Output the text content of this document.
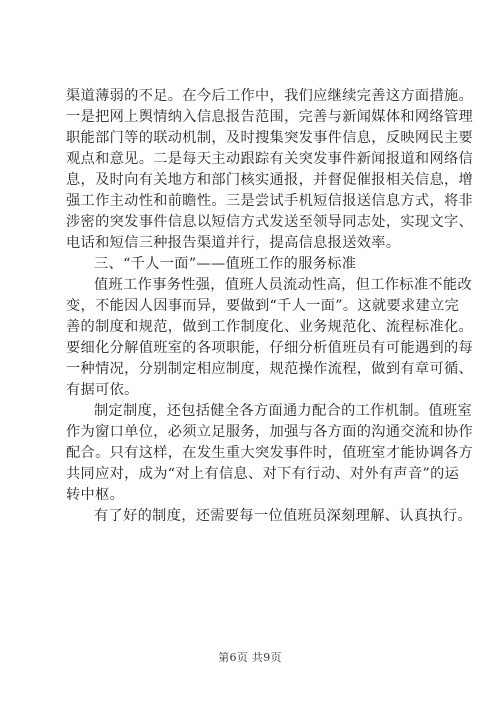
渠道薄弱的不足。在今后工作中，我们应继续完善这方面措施。
一是把网上舆情纳入信息报告范围，完善与新闻媒体和网络管理
职能部门等的联动机制，及时搜集突发事件信息，反映网民主要
观点和意见。二是每天主动跟踪有关突发事件新闻报道和网络信
息，及时向有关地方和部门核实通报，并督促催报相关信息，增
强工作主动性和前瞻性。三是尝试手机短信报送信息方式，将非
涉密的突发事件信息以短信方式发送至领导同志处，实现文字、
电话和短信三种报告渠道并行，提高信息报送效率。
三、“千人一面”——值班工作的服务标准
值班工作事务性强，值班人员流动性高，但工作标准不能改
变，不能因人因事而异，要做到“千人一面”。这就要求建立完
善的制度和规范，做到工作制度化、业务规范化、流程标准化。
要细化分解值班室的各项职能，仔细分析值班员有可能遇到的每
一种情况，分别制定相应制度，规范操作流程，做到有章可循、
有据可依。
制定制度，还包括健全各方面通力配合的工作机制。值班室
作为窗口单位，必须立足服务，加强与各方面的沟通交流和协作
配合。只有这样，在发生重大突发事件时，值班室才能协调各方
共同应对，成为“对上有信息、对下有行动、对外有声音”的运
转中枢。
有了好的制度，还需要每一位值班员深刻理解、认真执行。
第6页 共9页
